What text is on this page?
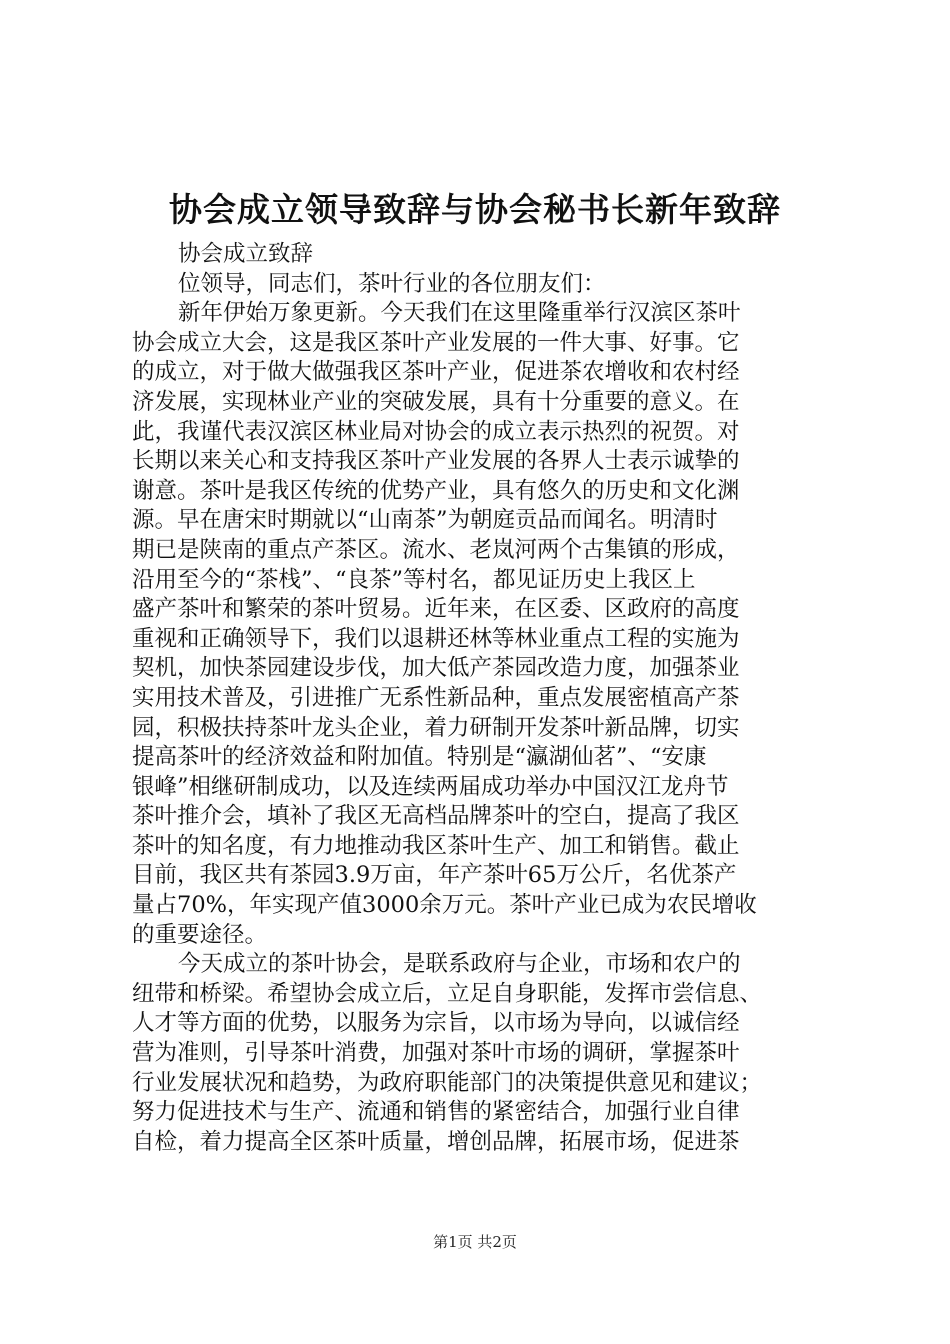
协会成立领导致辞与协会秘书长新年致辞
协会成立致辞
位领导，同志们，茶叶行业的各位朋友们：
新年伊始万象更新。今天我们在这里隆重举行汉滨区茶叶
协会成立大会，这是我区茶叶产业发展的一件大事、好事。它
的成立，对于做大做强我区茶叶产业，促进茶农增收和农村经
济发展，实现林业产业的突破发展，具有十分重要的意义。在
此，我谨代表汉滨区林业局对协会的成立表示热烈的祝贺。对
长期以来关心和支持我区茶叶产业发展的各界人士表示诚挚的
谢意。茶叶是我区传统的优势产业，具有悠久的历史和文化渊
源。早在唐宋时期就以“山南茶”为朝庭贡品而闻名。明清时
期已是陕南的重点产茶区。流水、老岚河两个古集镇的形成，
沿用至今的“茶栈”、“良茶”等村名，都见证历史上我区上
盛产茶叶和繁荣的茶叶贸易。近年来，在区委、区政府的高度
重视和正确领导下，我们以退耕还林等林业重点工程的实施为
契机，加快茶园建设步伐，加大低产茶园改造力度，加强茶业
实用技术普及，引进推广无系性新品种，重点发展密植高产茶
园，积极扶持茶叶龙头企业，着力研制开发茶叶新品牌，切实
提高茶叶的经济效益和附加值。特别是“瀛湖仙茗”、“安康
银峰”相继研制成功，以及连续两届成功举办中国汉江龙舟节
茶叶推介会，填补了我区无高档品牌茶叶的空白，提高了我区
茶叶的知名度，有力地推动我区茶叶生产、加工和销售。截止
目前，我区共有茶园3.9万亩，年产茶叶65万公斤，名优茶产
量占70%，年实现产值3000余万元。茶叶产业已成为农民增收
的重要途径。
今天成立的茶叶协会，是联系政府与企业，市场和农户的
纽带和桥梁。希望协会成立后，立足自身职能，发挥市尝信息、
人才等方面的优势，以服务为宗旨，以市场为导向，以诚信经
营为准则，引导茶叶消费，加强对茶叶市场的调研，掌握茶叶
行业发展状况和趋势，为政府职能部门的决策提供意见和建议；
努力促进技术与生产、流通和销售的紧密结合，加强行业自律
自检，着力提高全区茶叶质量，增创品牌，拓展市场，促进茶
第1页 共2页
